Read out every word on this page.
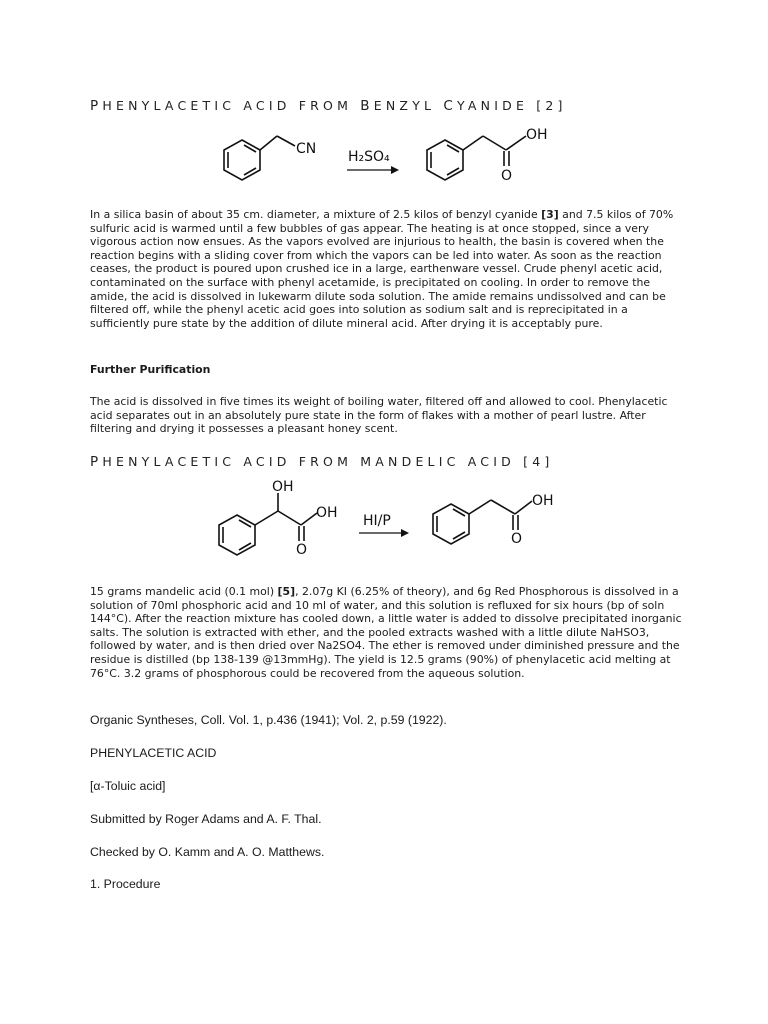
PHENYLACETIC ACID FROM BENZYL CYANIDE [2]
CN H₂SO₄
OH
O

In a silica basin of about 35 cm. diameter, a mixture of 2.5 kilos of benzyl cyanide [3] and 7.5 kilos of 70% sulfuric acid is warmed until a few bubbles of gas appear. The heating is at once stopped, since a very vigorous action now ensues. As the vapors evolved are injurious to health, the basin is covered when the reaction begins with a sliding cover from which the vapors can be led into water. As soon as the reaction ceases, the product is poured upon crushed ice in a large, earthenware vessel. Crude phenyl acetic acid, contaminated on the surface with phenyl acetamide, is precipitated on cooling. In order to remove the amide, the acid is dissolved in lukewarm dilute soda solution. The amide remains undissolved and can be filtered off, while the phenyl acetic acid goes into solution as sodium salt and is reprecipitated in a sufficiently pure state by the addition of dilute mineral acid. After drying it is acceptably pure.

Further Purification

The acid is dissolved in five times its weight of boiling water, filtered off and allowed to cool. Phenylacetic acid separates out in an absolutely pure state in the form of flakes with a mother of pearl lustre. After filtering and drying it possesses a pleasant honey scent.

PHENYLACETIC ACID FROM MANDELIC ACID [4]
OH
OH
O
HI/P
OH
O

15 grams mandelic acid (0.1 mol) [5], 2.07g KI (6.25% of theory), and 6g Red Phosphorous is dissolved in a solution of 70ml phosphoric acid and 10 ml of water, and this solution is refluxed for six hours (bp of soln 144°C). After the reaction mixture has cooled down, a little water is added to dissolve precipitated inorganic salts. The solution is extracted with ether, and the pooled extracts washed with a little dilute NaHSO3, followed by water, and is then dried over Na2SO4. The ether is removed under diminished pressure and the residue is distilled (bp 138-139 @13mmHg). The yield is 12.5 grams (90%) of phenylacetic acid melting at 76°C. 3.2 grams of phosphorous could be recovered from the aqueous solution.

Organic Syntheses, Coll. Vol. 1, p.436 (1941); Vol. 2, p.59 (1922).

PHENYLACETIC ACID

[α-Toluic acid]

Submitted by Roger Adams and A. F. Thal.

Checked by O. Kamm and A. O. Matthews.

1. Procedure
